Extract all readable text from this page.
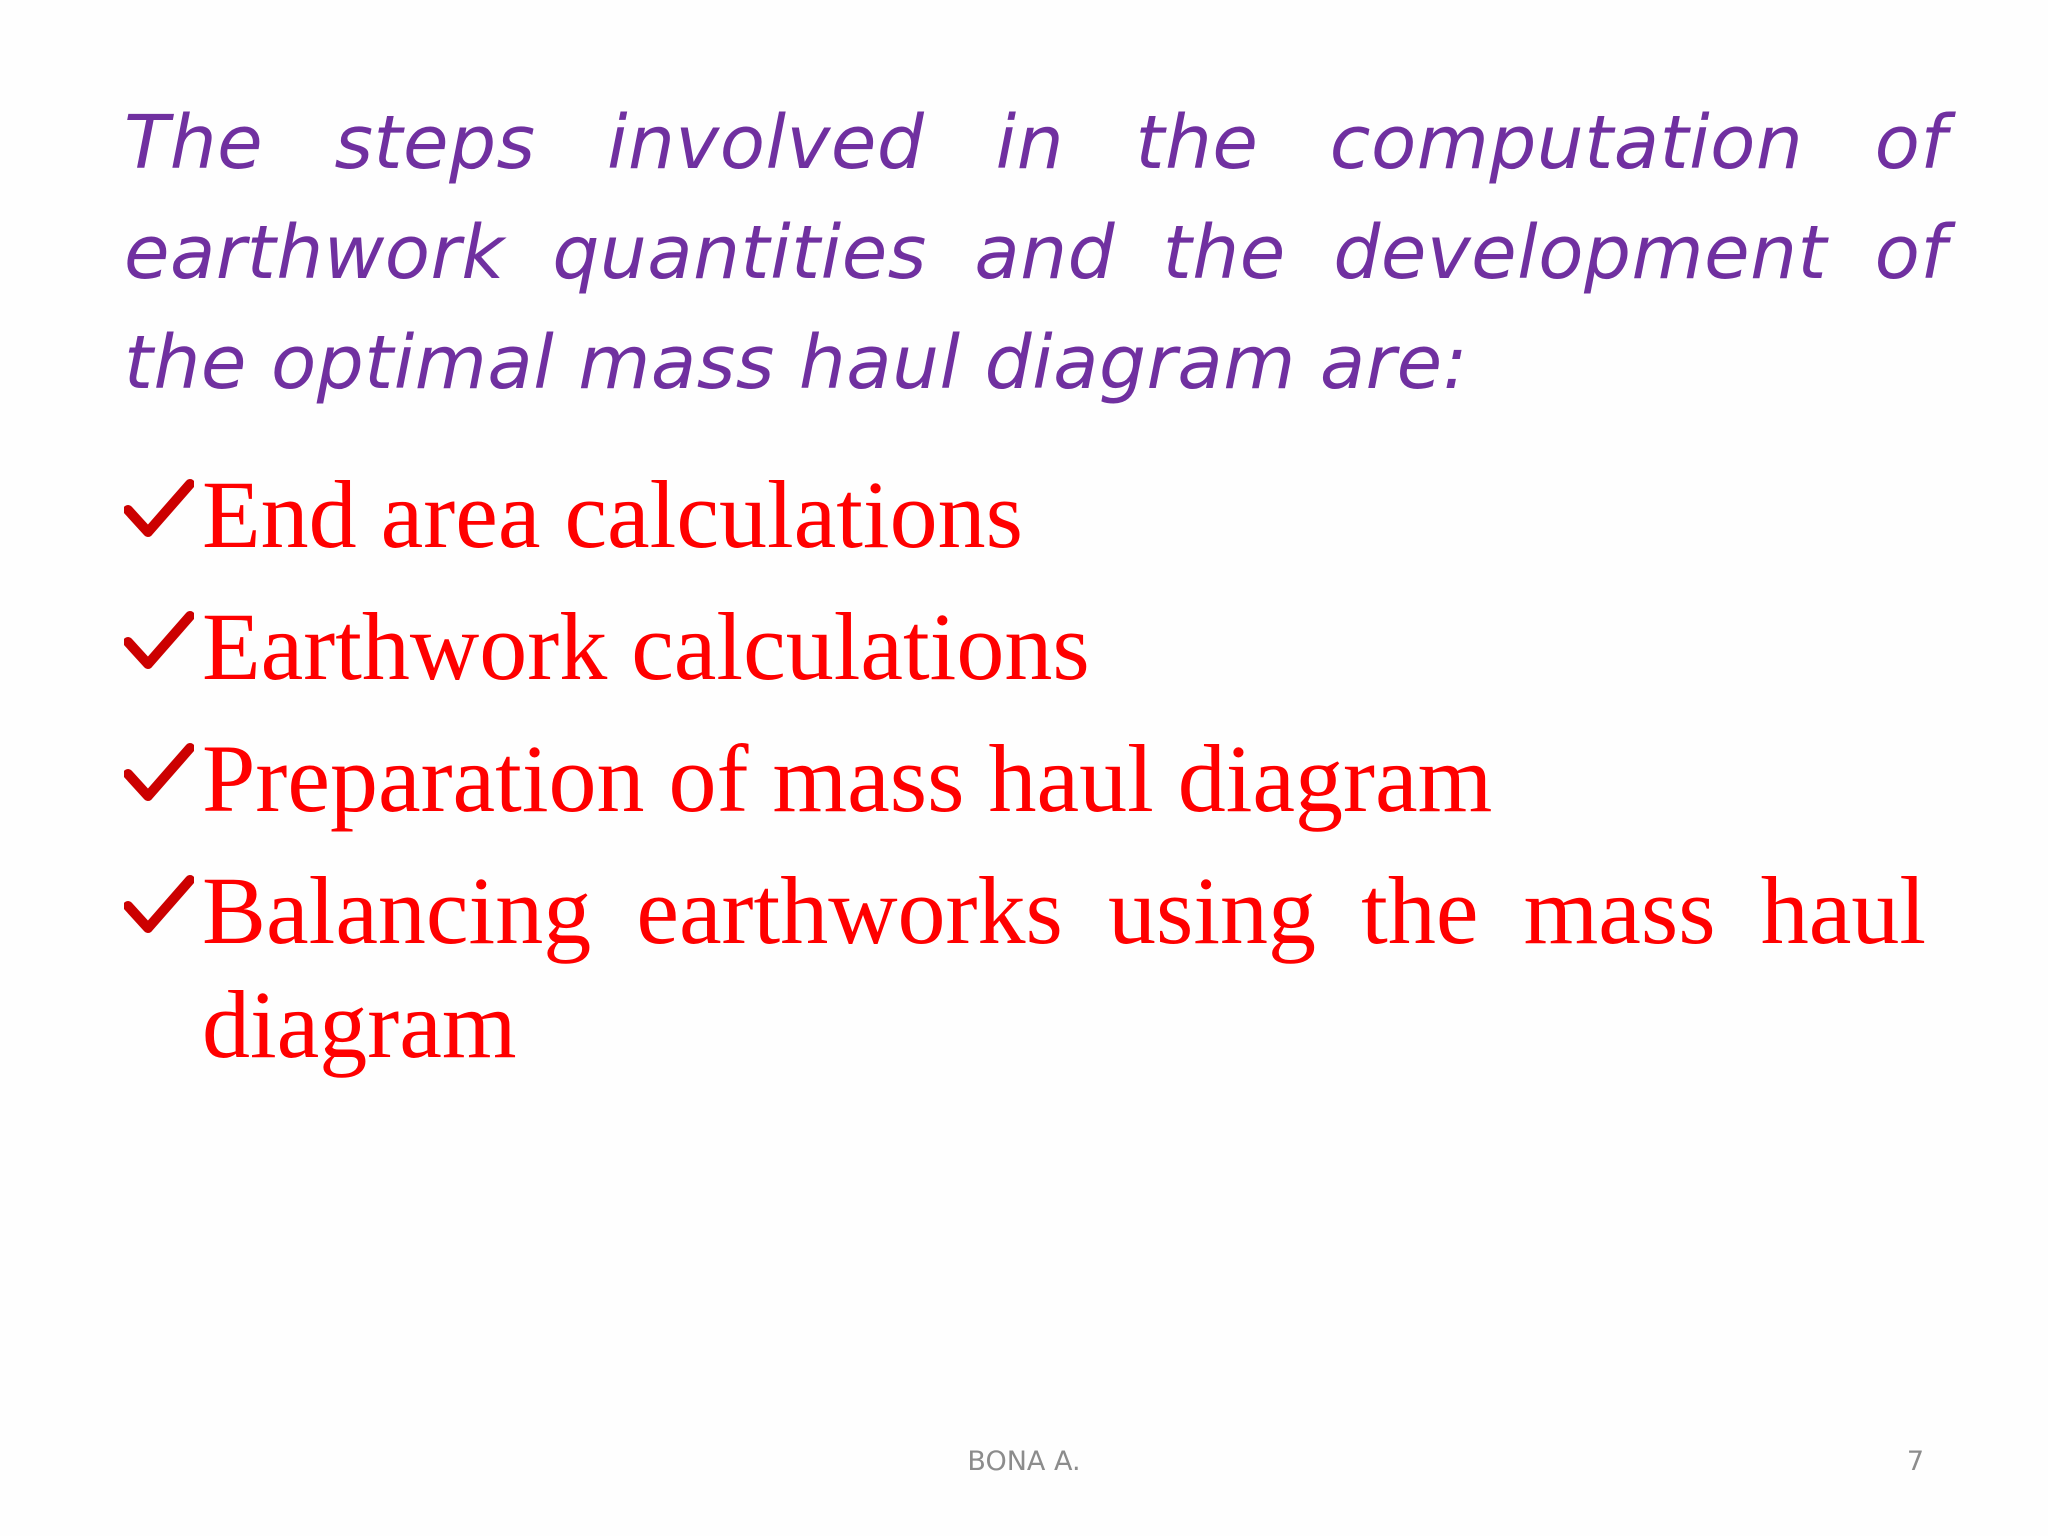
The steps involved in the computation of earthwork quantities and the development of the optimal mass haul diagram are:

End area calculations
Earthwork calculations
Preparation of mass haul diagram
Balancing earthworks using the mass haul diagram
BONA A.	7
